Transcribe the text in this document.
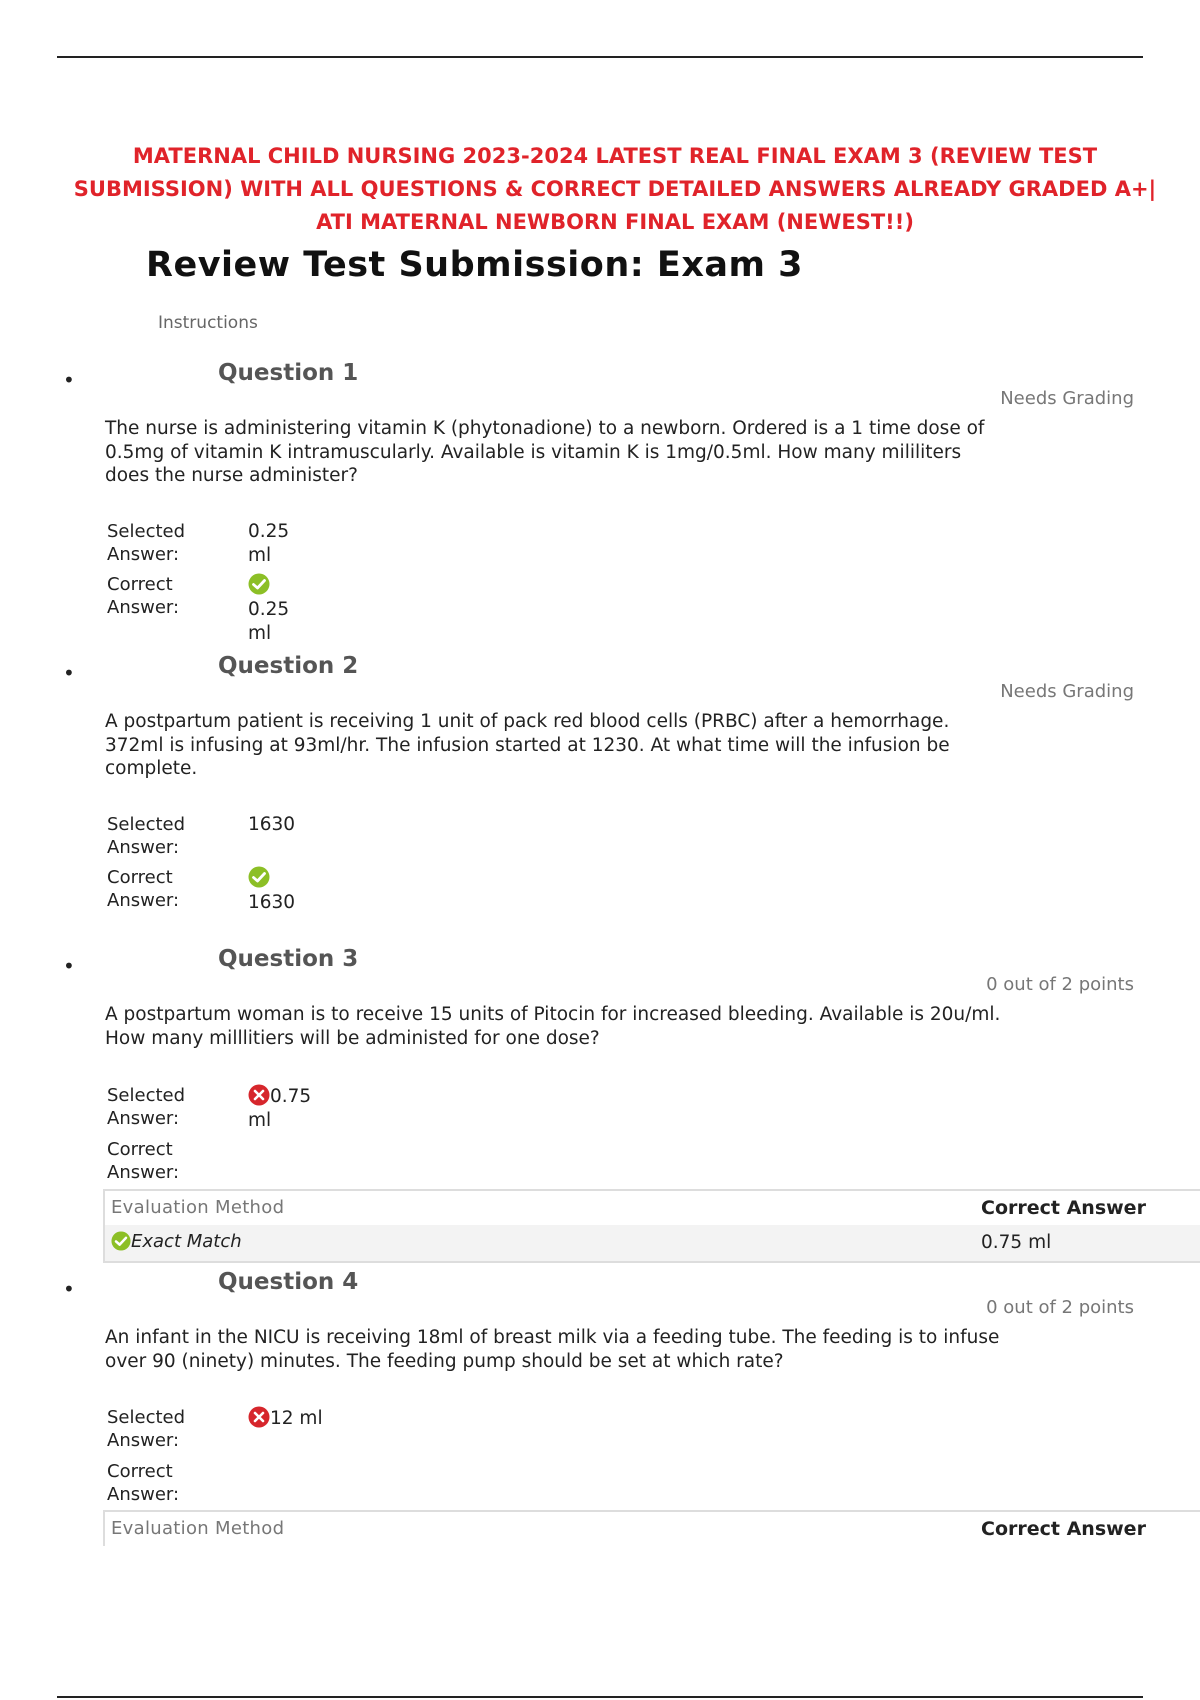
MATERNAL CHILD NURSING 2023-2024 LATEST REAL FINAL EXAM 3 (REVIEW TEST SUBMISSION) WITH ALL QUESTIONS & CORRECT DETAILED ANSWERS ALREADY GRADED A+| ATI MATERNAL NEWBORN FINAL EXAM (NEWEST!!)
Review Test Submission: Exam 3
Instructions
•	Question 1
Needs Grading
The nurse is administering vitamin K (phytonadione) to a newborn. Ordered is a 1 time dose of 0.5mg of vitamin K intramuscularly. Available is vitamin K is 1mg/0.5ml. How many mililiters does the nurse administer?
Selected Answer:
0.25 ml
Correct Answer:	0.25 ml
•	Question 2
Needs Grading
A postpartum patient is receiving 1 unit of pack red blood cells (PRBC) after a hemorrhage. 372ml is infusing at 93ml/hr. The infusion started at 1230. At what time will the infusion be complete.
Selected Answer:
1630
Correct Answer:	1630
•	Question 3
0 out of 2 points
A postpartum woman is to receive 15 units of Pitocin for increased bleeding. Available is 20u/ml. How many milllitiers will be administed for one dose?
Selected Answer:
0.75 ml
Correct Answer:
Evaluation Method	Correct Answer
Exact Match	0.75 ml
•	Question 4
0 out of 2 points
An infant in the NICU is receiving 18ml of breast milk via a feeding tube. The feeding is to infuse over 90 (ninety) minutes. The feeding pump should be set at which rate?
Selected Answer:
12 ml
Correct Answer:
Evaluation Method	Correct Answer
